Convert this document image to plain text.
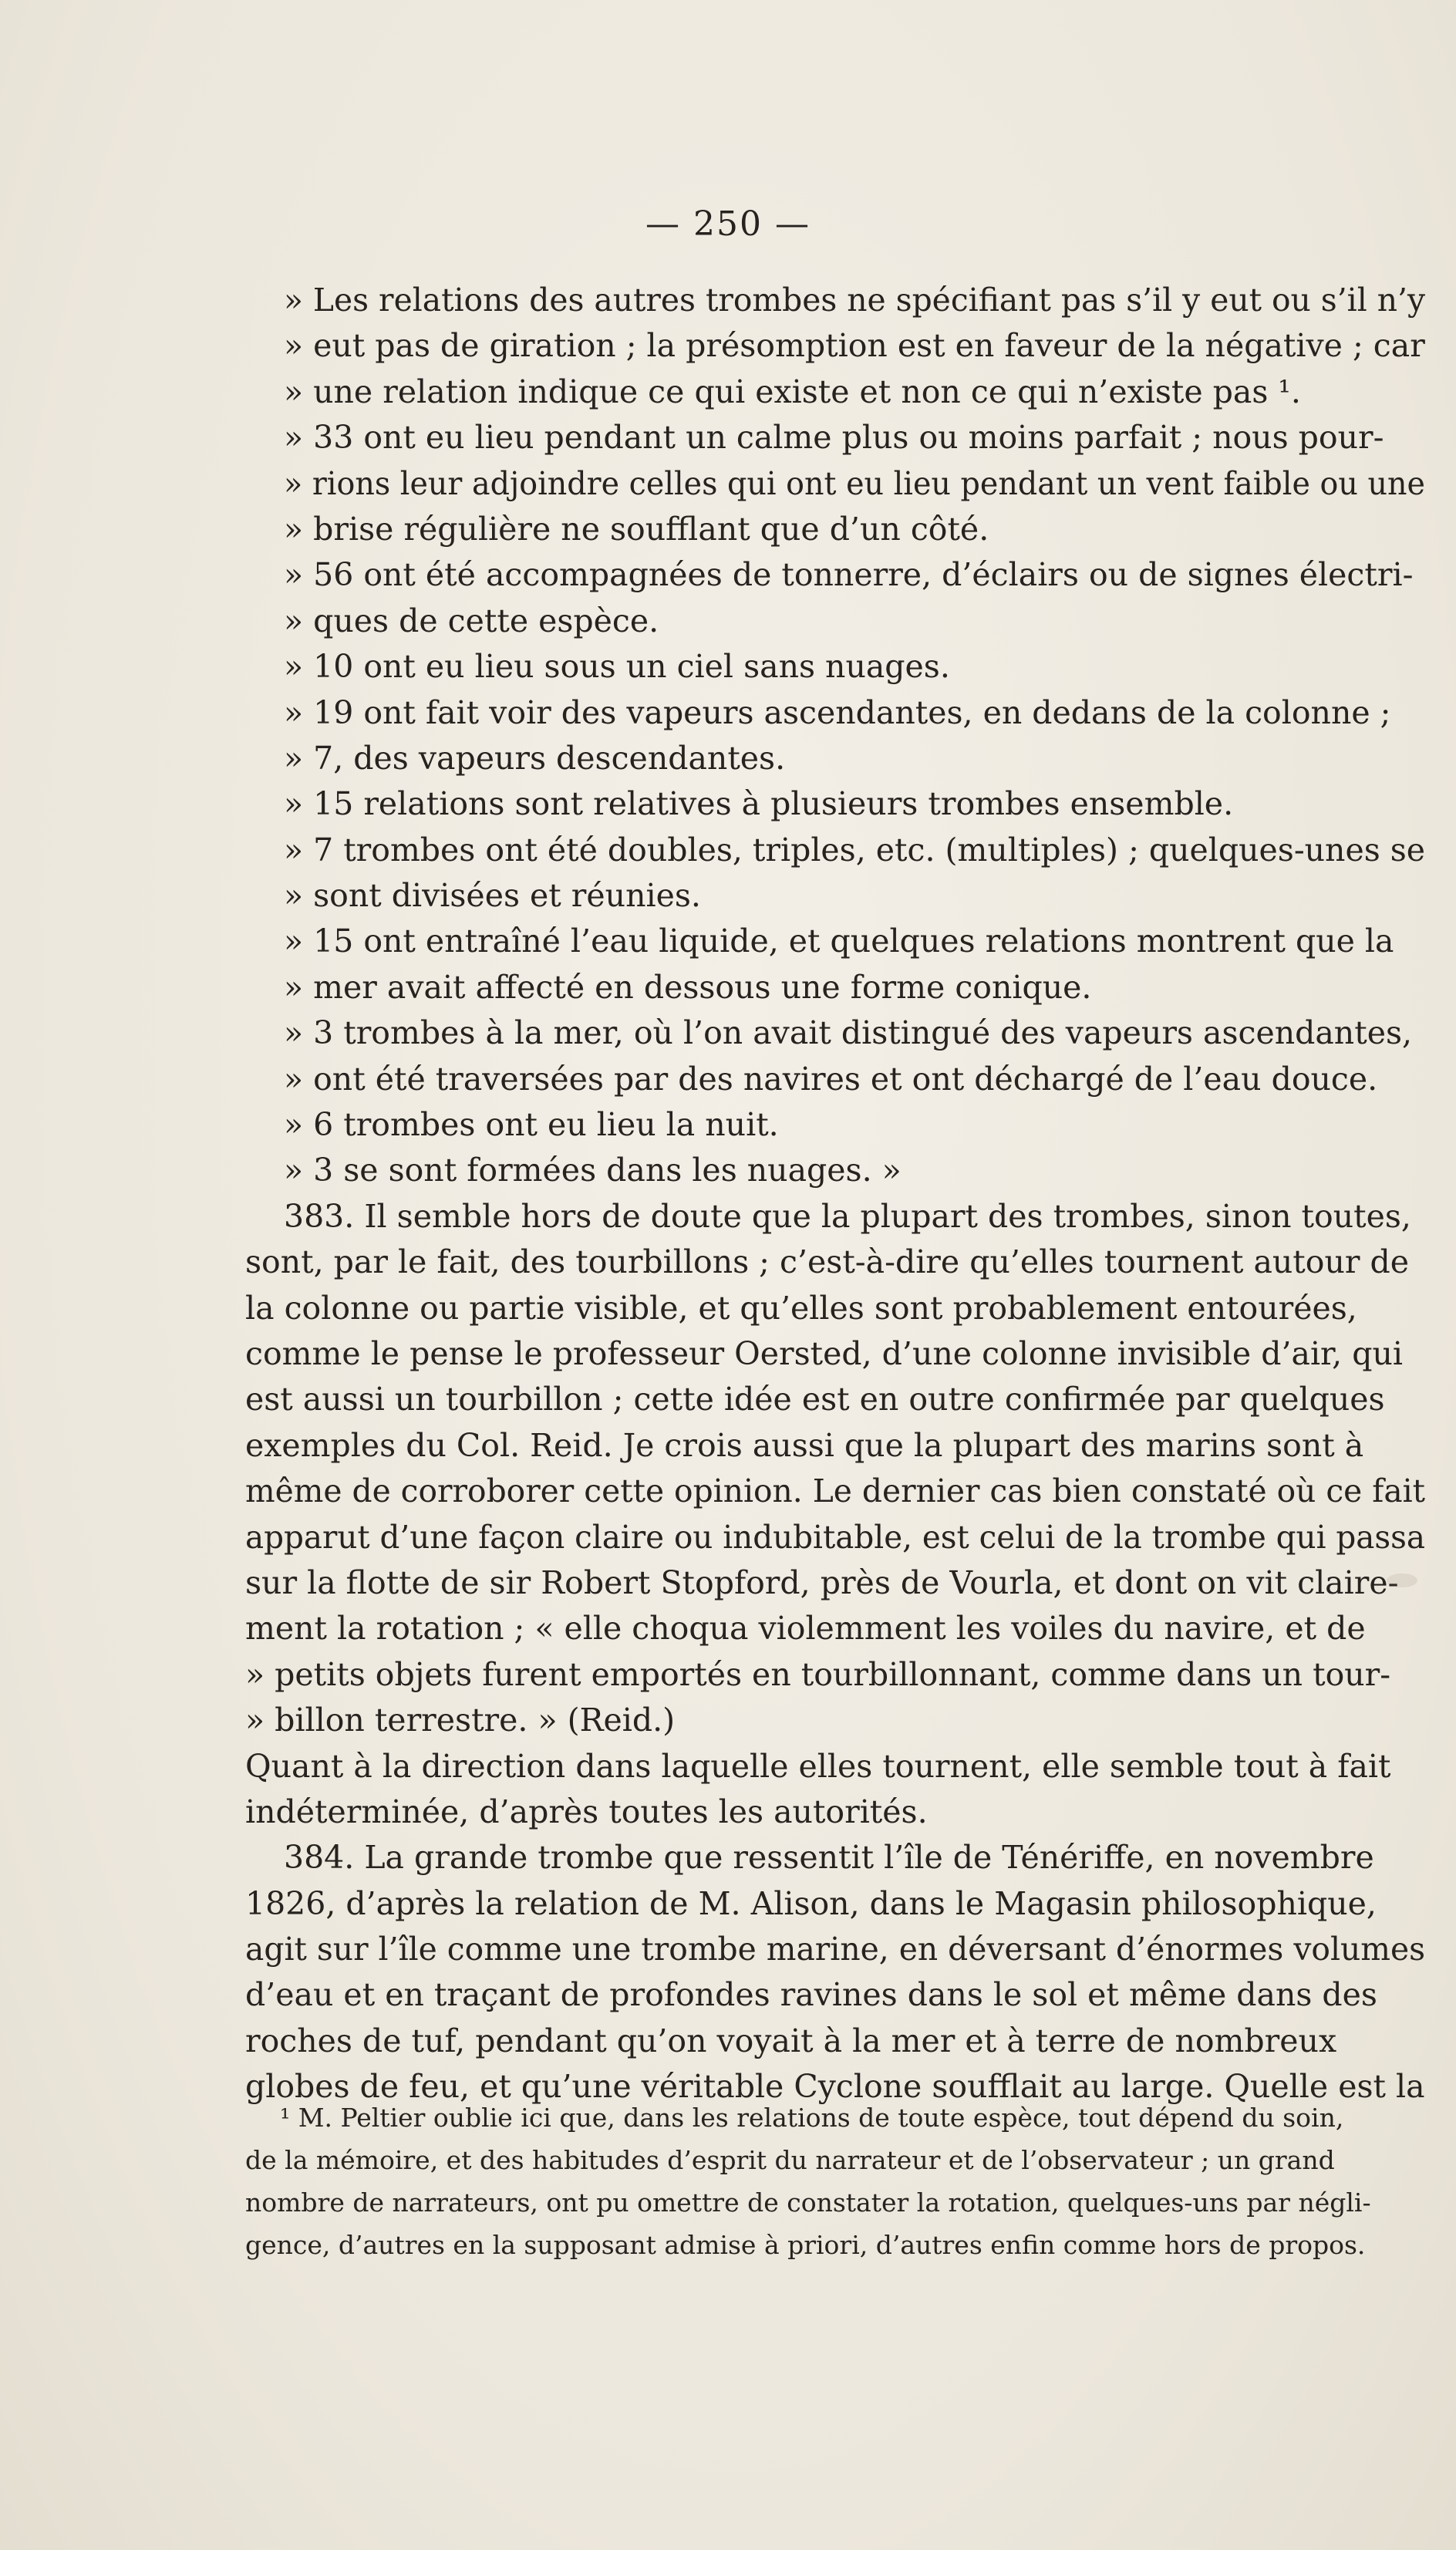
— 250 —
» Les relations des autres trombes ne spécifiant pas s’il y eut ou s’il n’y
» eut pas de giration ; la présomption est en faveur de la négative ; car
» une relation indique ce qui existe et non ce qui n’existe pas ¹.
» 33 ont eu lieu pendant un calme plus ou moins parfait ; nous pour-
» rions leur adjoindre celles qui ont eu lieu pendant un vent faible ou une
» brise régulière ne soufflant que d’un côté.
» 56 ont été accompagnées de tonnerre, d’éclairs ou de signes électri-
» ques de cette espèce.
» 10 ont eu lieu sous un ciel sans nuages.
» 19 ont fait voir des vapeurs ascendantes, en dedans de la colonne ;
» 7, des vapeurs descendantes.
» 15 relations sont relatives à plusieurs trombes ensemble.
» 7 trombes ont été doubles, triples, etc. (multiples) ; quelques-unes se
» sont divisées et réunies.
» 15 ont entraîné l’eau liquide, et quelques relations montrent que la
» mer avait affecté en dessous une forme conique.
» 3 trombes à la mer, où l’on avait distingué des vapeurs ascendantes,
» ont été traversées par des navires et ont déchargé de l’eau douce.
» 6 trombes ont eu lieu la nuit.
» 3 se sont formées dans les nuages. »
383. Il semble hors de doute que la plupart des trombes, sinon toutes,
sont, par le fait, des tourbillons ; c’est-à-dire qu’elles tournent autour de
la colonne ou partie visible, et qu’elles sont probablement entourées,
comme le pense le professeur Oersted, d’une colonne invisible d’air, qui
est aussi un tourbillon ; cette idée est en outre confirmée par quelques
exemples du Col. Reid. Je crois aussi que la plupart des marins sont à
même de corroborer cette opinion. Le dernier cas bien constaté où ce fait
apparut d’une façon claire ou indubitable, est celui de la trombe qui passa
sur la flotte de sir Robert Stopford, près de Vourla, et dont on vit claire-
ment la rotation ; « elle choqua violemment les voiles du navire, et de
» petits objets furent emportés en tourbillonnant, comme dans un tour-
» billon terrestre. » (Reid.)
Quant à la direction dans laquelle elles tournent, elle semble tout à fait
indéterminée, d’après toutes les autorités.
384. La grande trombe que ressentit l’île de Ténériffe, en novembre
1826, d’après la relation de M. Alison, dans le Magasin philosophique,
agit sur l’île comme une trombe marine, en déversant d’énormes volumes
d’eau et en traçant de profondes ravines dans le sol et même dans des
roches de tuf, pendant qu’on voyait à la mer et à terre de nombreux
globes de feu, et qu’une véritable Cyclone soufflait au large. Quelle est la
¹ M. Peltier oublie ici que, dans les relations de toute espèce, tout dépend du soin,
de la mémoire, et des habitudes d’esprit du narrateur et de l’observateur ; un grand
nombre de narrateurs, ont pu omettre de constater la rotation, quelques-uns par négli-
gence, d’autres en la supposant admise à priori, d’autres enfin comme hors de propos.
